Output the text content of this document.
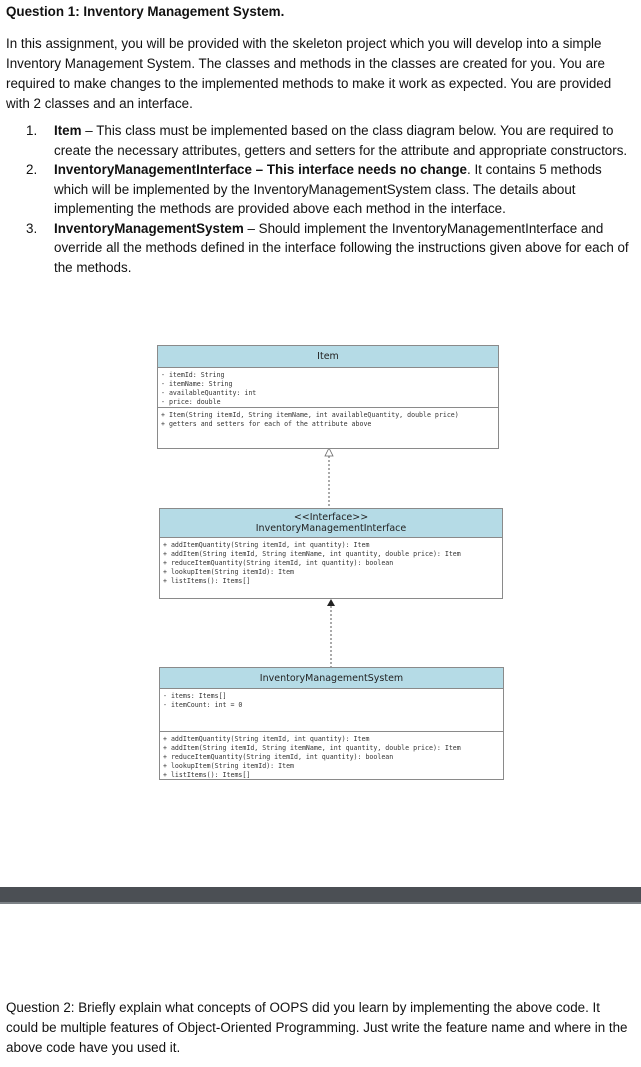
Question 1: Inventory Management System.

In this assignment, you will be provided with the skeleton project which you will develop into a simple Inventory Management System. The classes and methods in the classes are created for you. You are required to make changes to the implemented methods to make it work as expected. You are provided with 2 classes and an interface.

1. Item – This class must be implemented based on the class diagram below. You are required to create the necessary attributes, getters and setters for the attribute and appropriate constructors.
2. InventoryManagementInterface – This interface needs no change. It contains 5 methods which will be implemented by the InventoryManagementSystem class. The details about implementing the methods are provided above each method in the interface.
3. InventoryManagementSystem – Should implement the InventoryManagementInterface and override all the methods defined in the interface following the instructions given above for each of the methods.
Item
- itemId: String
- itemName: String
- availableQuantity: int
- price: double
+ Item(String itemId, String itemName, int availableQuantity, double price)
+ getters and setters for each of the attribute above
<<Interface>>
InventoryManagementInterface
+ addItemQuantity(String itemId, int quantity): Item
+ addItem(String itemId, String itemName, int quantity, double price): Item
+ reduceItemQuantity(String itemId, int quantity): boolean
+ lookupItem(String itemId): Item
+ listItems(): Items[]
InventoryManagementSystem
- items: Items[]
- itemCount: int = 0
+ addItemQuantity(String itemId, int quantity): Item
+ addItem(String itemId, String itemName, int quantity, double price): Item
+ reduceItemQuantity(String itemId, int quantity): boolean
+ lookupItem(String itemId): Item
+ listItems(): Items[]

Question 2: Briefly explain what concepts of OOPS did you learn by implementing the above code. It could be multiple features of Object-Oriented Programming. Just write the feature name and where in the above code have you used it.
